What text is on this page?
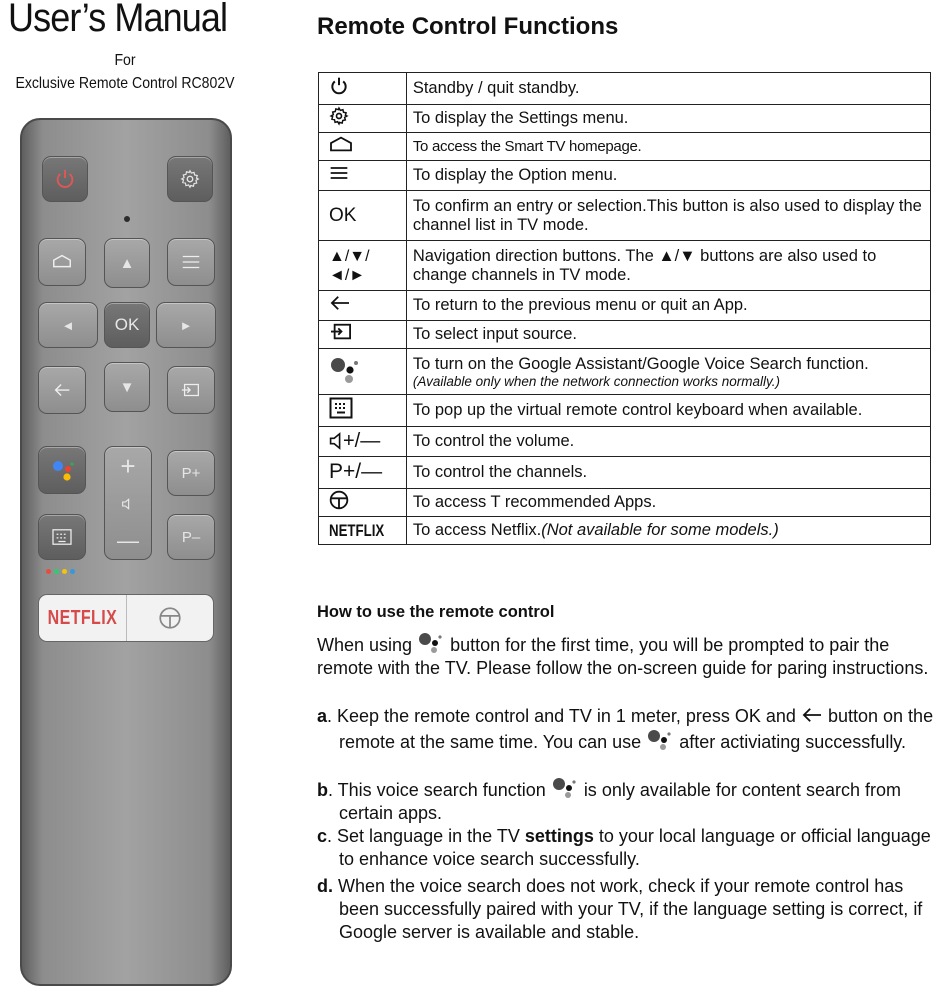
User’s Manual
For
Exclusive Remote Control RC802V
▲
◄	►
▼
OK
+
—
P+
P–
NETFLIX
Remote Control Functions
	Standby / quit standby.
	To display the Settings menu.
	To access the Smart TV homepage.
	To display the Option menu.
OK	To confirm an entry or selection.This button is also used to display the channel list in TV mode.

▲/▼/ ◄/►	Navigation direction buttons. The ▲/▼ buttons are also used to change channels in TV mode.
	To return to the previous menu or quit an App.
	To select input source.
	To turn on the Google Assistant/Google Voice Search function.
(Available only when the network connection works normally.)

	To pop up the virtual remote control keyboard when available.
+/—	To control the volume.
P+/—	To control the channels.
	To access T recommended Apps.
NETFLIX	To access Netflix.(Not available for some models.)
How to use the remote control
When using button for the first time, you will be prompted to pair the remote with the TV. Please follow the on-screen guide for paring instructions.
a. Keep the remote control and TV in 1 meter, press OK and button on the remote at the same time. You can use after activiating successfully.
b. This voice search function is only available for content search from certain apps.
c. Set language in the TV settings to your local language or official language to enhance voice search successfully.
d. When the voice search does not work, check if your remote control has been successfully paired with your TV, if the language setting is correct, if Google server is available and stable.
